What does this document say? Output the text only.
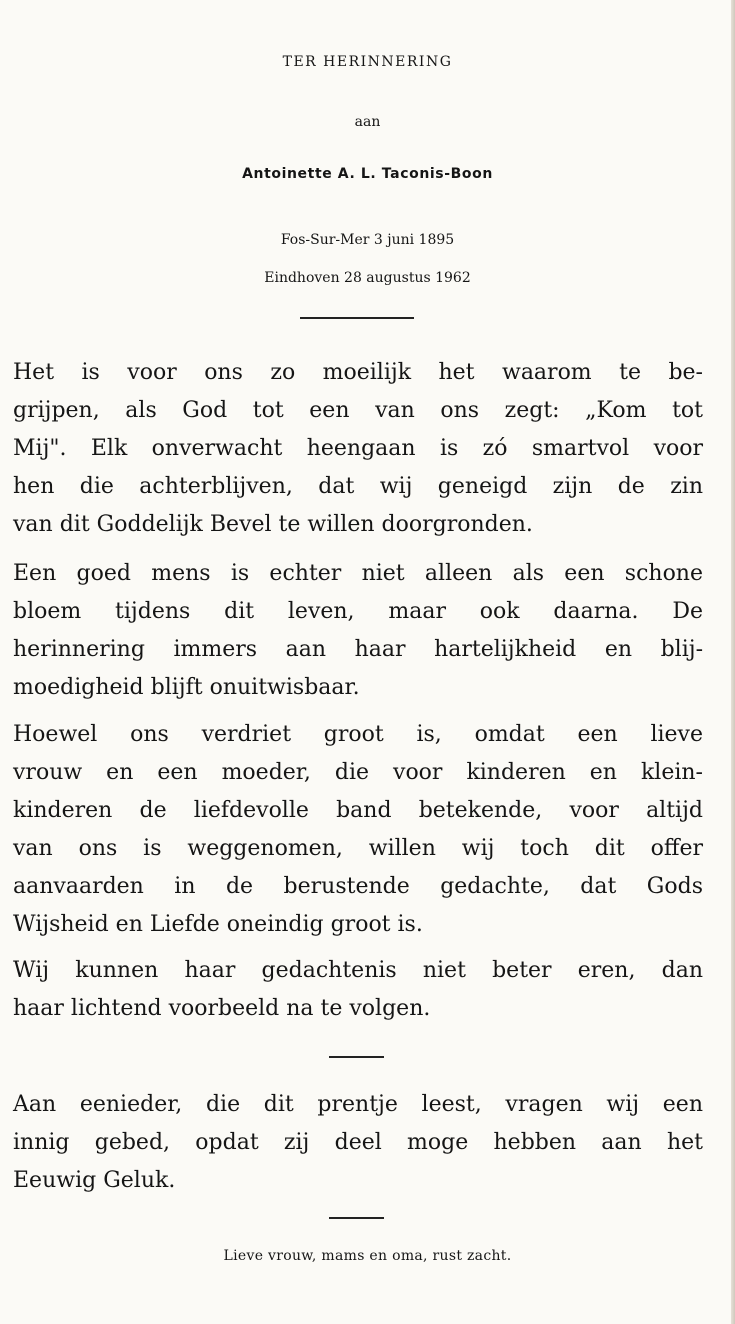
TER HERINNERING
aan
Antoinette A. L. Taconis-Boon
Fos-Sur-Mer 3 juni 1895
Eindhoven 28 augustus 1962

Het is voor ons zo moeilijk het waarom te be-
grijpen, als God tot een van ons zegt: „Kom tot
Mij". Elk onverwacht heengaan is zó smartvol voor
hen die achterblijven, dat wij geneigd zijn de zin
van dit Goddelijk Bevel te willen doorgronden.

Een goed mens is echter niet alleen als een schone
bloem tijdens dit leven, maar ook daarna. De
herinnering immers aan haar hartelijkheid en blij-
moedigheid blijft onuitwisbaar.

Hoewel ons verdriet groot is, omdat een lieve
vrouw en een moeder, die voor kinderen en klein-
kinderen de liefdevolle band betekende, voor altijd
van ons is weggenomen, willen wij toch dit offer
aanvaarden in de berustende gedachte, dat Gods
Wijsheid en Liefde oneindig groot is.

Wij kunnen haar gedachtenis niet beter eren, dan
haar lichtend voorbeeld na te volgen.

Aan eenieder, die dit prentje leest, vragen wij een
innig gebed, opdat zij deel moge hebben aan het
Eeuwig Geluk.

Lieve vrouw, mams en oma, rust zacht.
